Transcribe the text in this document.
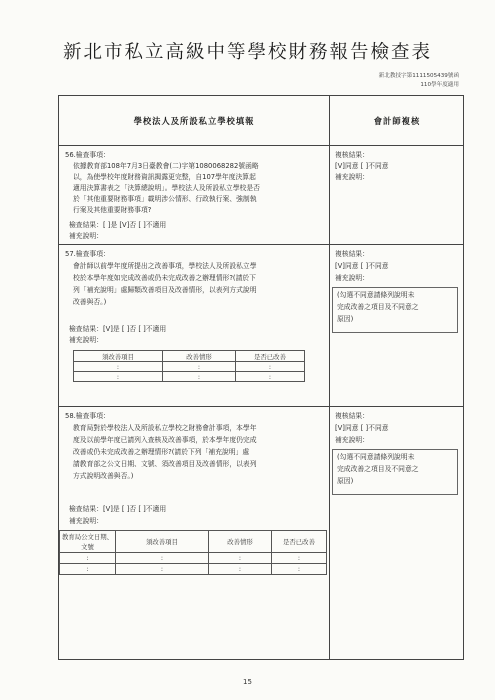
新北市私立高級中等學校財務報告檢查表
新北教技字第1111505439號函
110學年度適用
學校法人及所設私立學校填報	會計師複核
56.檢查事項：
依據教育部108年7月3日臺教會(二)字第1080068282號函略
以，為使學校年度財務資訊揭露更完整，自107學年度決算起
適用決算書表之「決算總說明」。學校法人及所設私立學校是否
於「其他重要財務事項」載明涉公情形、行政執行案、強制執
行案及其他重要財務事項?
檢查結果：[ ]是 [V]否 [ ]不適用
補充說明：
複核結果：
[V]同意 [ ]不同意
補充說明：
57.檢查事項：
會計師以前學年度所提出之改善事項，學校法人及所設私立學
校於本學年度如完成改善或仍未完成改善之辦理情形?(請於下
列「補充說明」處歸類改善項目及改善情形，以表列方式說明
改善與否。)
檢查結果：[V]是 [ ]否 [ ]不適用
補充說明：
須改善項目	改善情形	是否已改善
:	:	:
:	:	:
複核結果：
[V]同意 [ ]不同意
補充說明：
(勾選不同意請條列說明未
完成改善之項目及不同意之
原因)
58.檢查事項：
教育局對於學校法人及所設私立學校之財務會計事項，本學年
度及以前學年度已請列入查核及改善事項，於本學年度仍完成
改善或仍未完成改善之辦理情形?(請於下列「補充說明」處
請教育部之公文日期、文號、須改善項目及改善情形，以表列
方式說明改善與否。)
檢查結果：[V]是 [ ]否 [ ]不適用
補充說明：
教育局公文日期、文號	須改善項目	改善情形	是否已改善
:	:	:	:
:	:	:	:
複核結果：
[V]同意 [ ]不同意
補充說明：
(勾選不同意請條列說明未
完成改善之項目及不同意之
原因)
15
